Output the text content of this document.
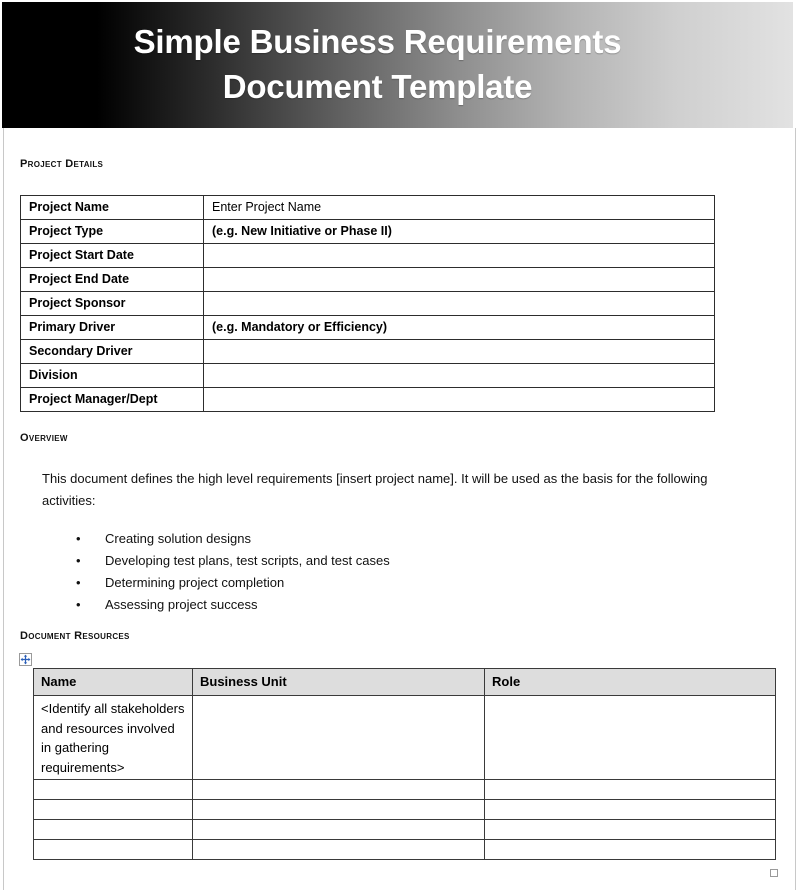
Simple Business Requirements
Document Template
Project Details
Project Name	Enter Project Name
Project Type	(e.g. New Initiative or Phase II)
Project Start Date	
Project End Date	
Project Sponsor	
Primary Driver	(e.g. Mandatory or Efficiency)
Secondary Driver	
Division	
Project Manager/Dept	
Overview
This document defines the high level requirements [insert project name]. It will be used as the basis for the following activities:
• Creating solution designs
• Developing test plans, test scripts, and test cases
• Determining project completion
• Assessing project success
Document Resources
Name	Business Unit	Role
<Identify all stakeholders and resources involved in gathering requirements>		
